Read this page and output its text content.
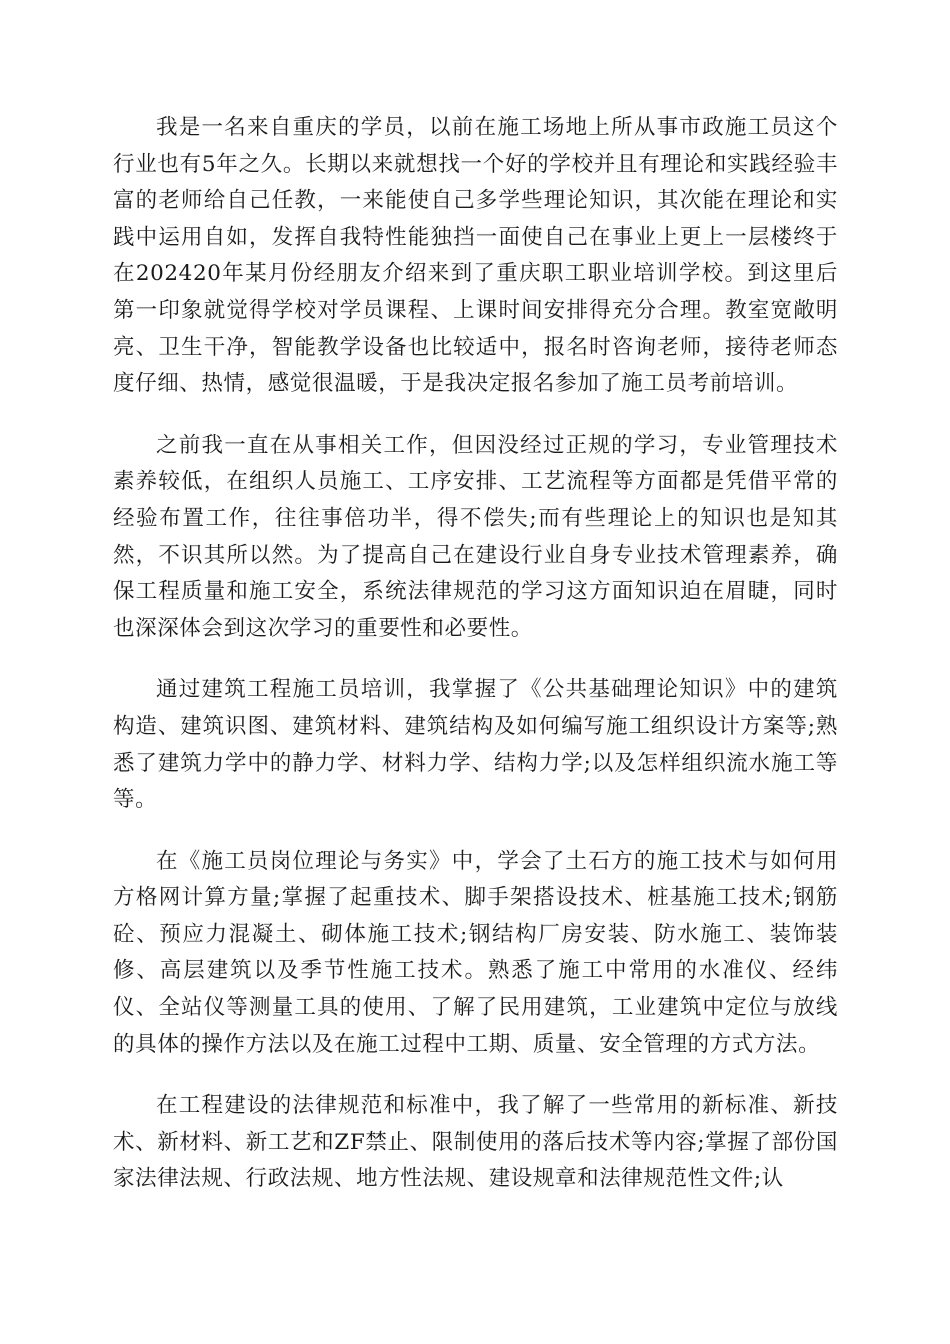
我是一名来自重庆的学员，以前在施工场地上所从事市政施工员这个行业也有5年之久。长期以来就想找一个好的学校并且有理论和实践经验丰富的老师给自己任教，一来能使自己多学些理论知识，其次能在理论和实践中运用自如，发挥自我特性能独挡一面使自己在事业上更上一层楼终于在202420年某月份经朋友介绍来到了重庆职工职业培训学校。到这里后第一印象就觉得学校对学员课程、上课时间安排得充分合理。教室宽敞明亮、卫生干净，智能教学设备也比较适中，报名时咨询老师，接待老师态度仔细、热情，感觉很温暖，于是我决定报名参加了施工员考前培训。

之前我一直在从事相关工作，但因没经过正规的学习，专业管理技术素养较低，在组织人员施工、工序安排、工艺流程等方面都是凭借平常的经验布置工作，往往事倍功半，得不偿失;而有些理论上的知识也是知其然，不识其所以然。为了提高自己在建设行业自身专业技术管理素养，确保工程质量和施工安全，系统法律规范的学习这方面知识迫在眉睫，同时也深深体会到这次学习的重要性和必要性。

通过建筑工程施工员培训，我掌握了《公共基础理论知识》中的建筑构造、建筑识图、建筑材料、建筑结构及如何编写施工组织设计方案等;熟悉了建筑力学中的静力学、材料力学、结构力学;以及怎样组织流水施工等等。

在《施工员岗位理论与务实》中，学会了土石方的施工技术与如何用方格网计算方量;掌握了起重技术、脚手架搭设技术、桩基施工技术;钢筋砼、预应力混凝土、砌体施工技术;钢结构厂房安装、防水施工、装饰装修、高层建筑以及季节性施工技术。熟悉了施工中常用的水准仪、经纬仪、全站仪等测量工具的使用、了解了民用建筑，工业建筑中定位与放线的具体的操作方法以及在施工过程中工期、质量、安全管理的方式方法。

在工程建设的法律规范和标准中，我了解了一些常用的新标准、新技术、新材料、新工艺和ZF禁止、限制使用的落后技术等内容;掌握了部份国家法律法规、行政法规、地方性法规、建设规章和法律规范性文件;认
